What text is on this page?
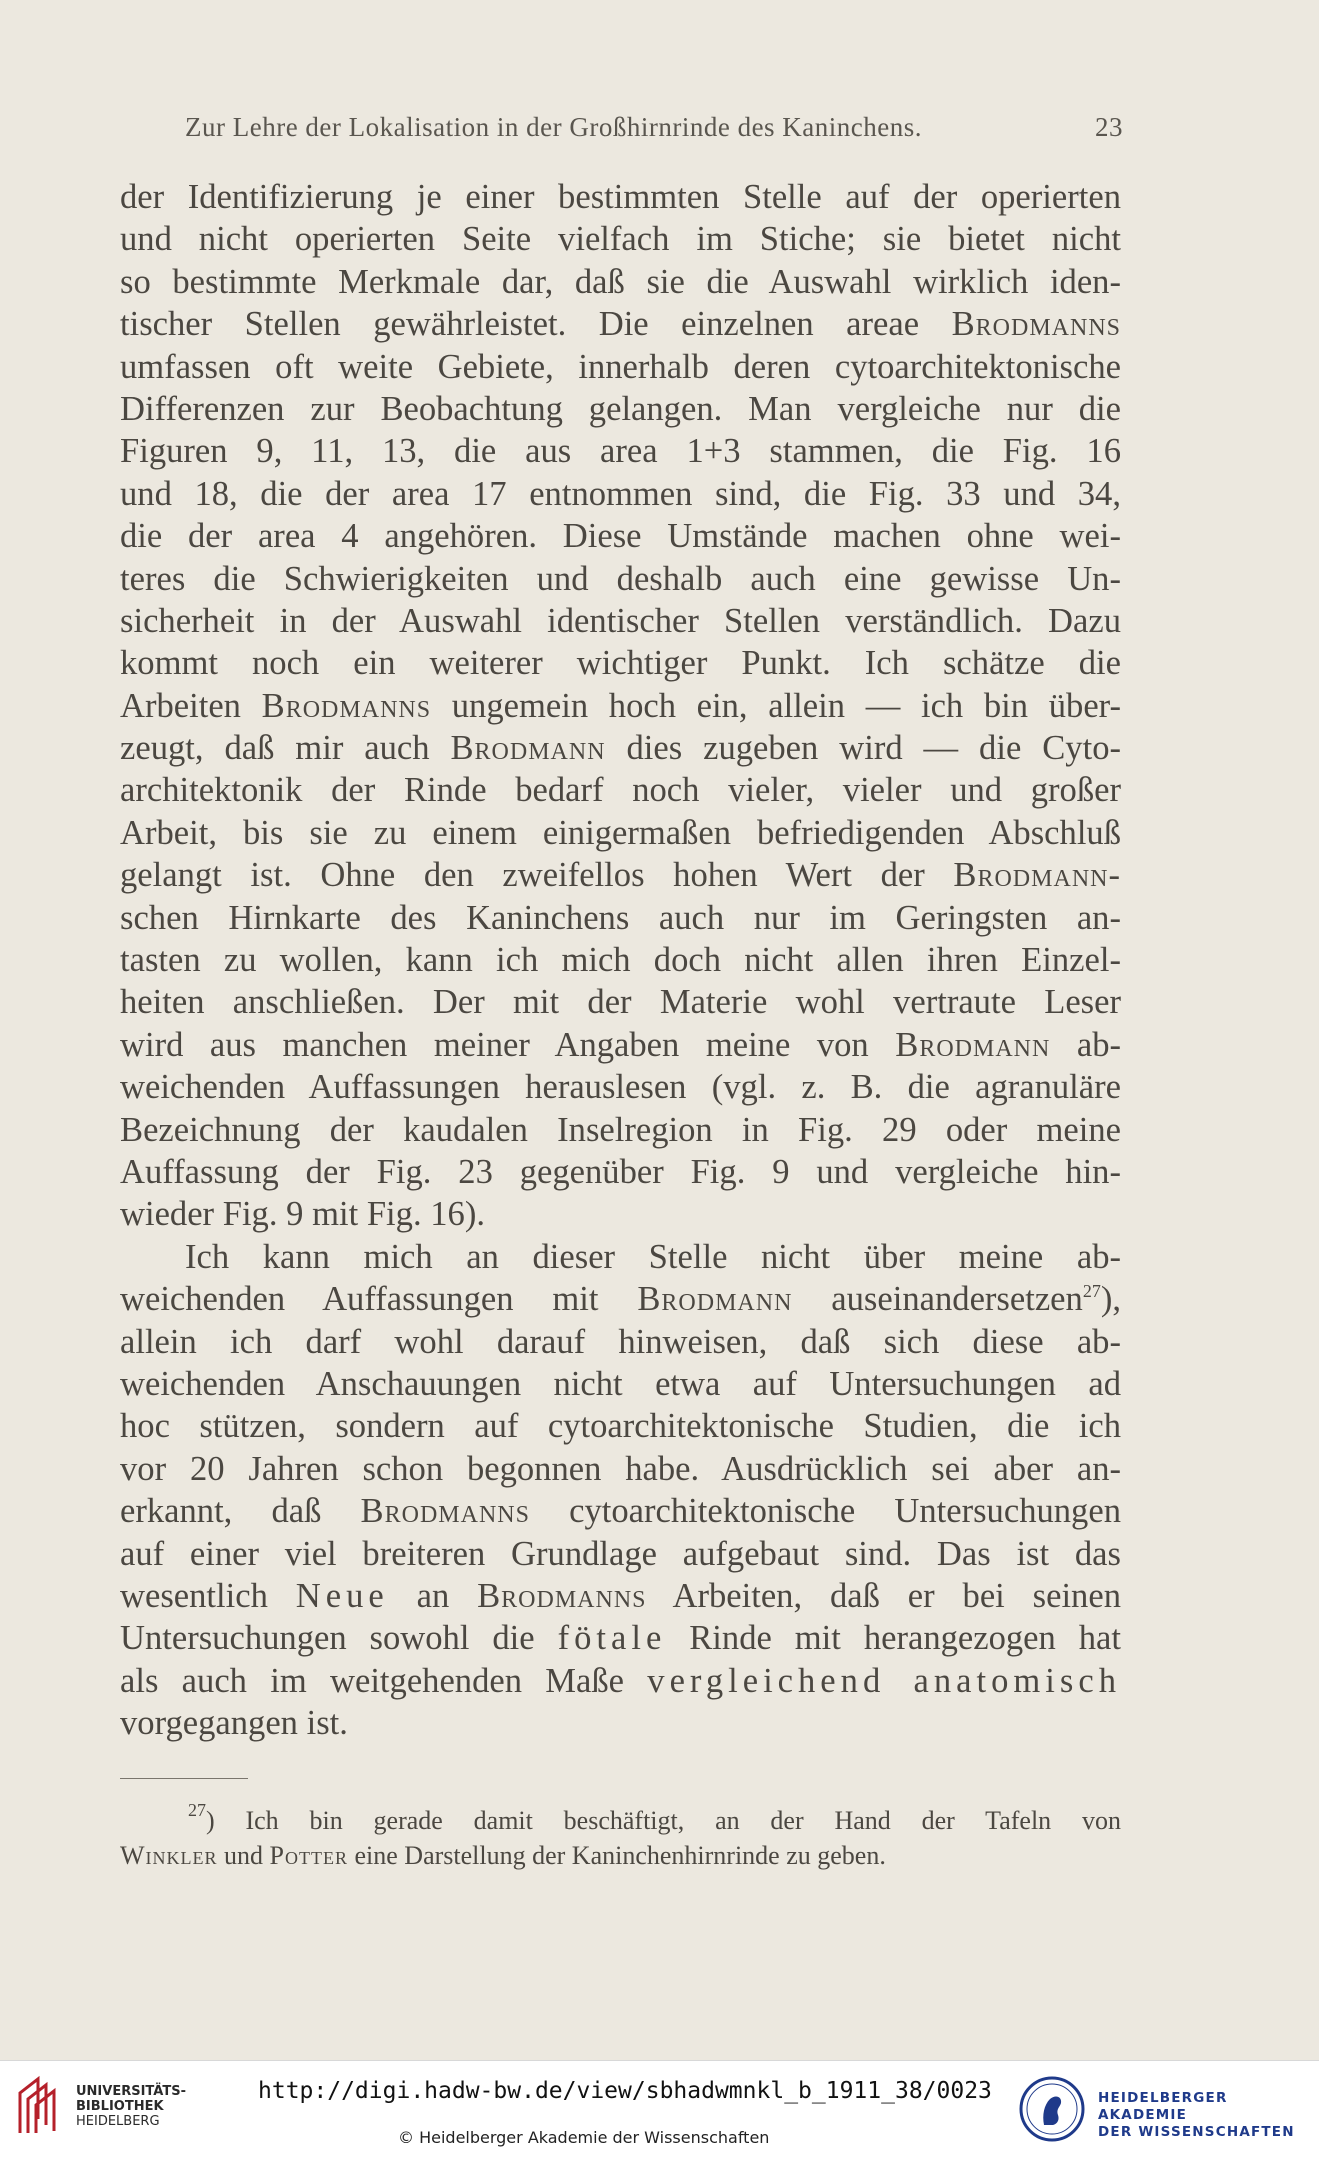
Zur Lehre der Lokalisation in der Großhirnrinde des Kaninchens.	23
der Identifizierung je einer bestimmten Stelle auf der operierten
und nicht operierten Seite vielfach im Stiche; sie bietet nicht
so bestimmte Merkmale dar, daß sie die Auswahl wirklich iden-
tischer Stellen gewährleistet. Die einzelnen areae Brodmanns
umfassen oft weite Gebiete, innerhalb deren cytoarchitektonische
Differenzen zur Beobachtung gelangen. Man vergleiche nur die
Figuren 9, 11, 13, die aus area 1+3 stammen, die Fig. 16
und 18, die der area 17 entnommen sind, die Fig. 33 und 34,
die der area 4 angehören. Diese Umstände machen ohne wei-
teres die Schwierigkeiten und deshalb auch eine gewisse Un-
sicherheit in der Auswahl identischer Stellen verständlich. Dazu
kommt noch ein weiterer wichtiger Punkt. Ich schätze die
Arbeiten Brodmanns ungemein hoch ein, allein — ich bin über-
zeugt, daß mir auch Brodmann dies zugeben wird — die Cyto-
architektonik der Rinde bedarf noch vieler, vieler und großer
Arbeit, bis sie zu einem einigermaßen befriedigenden Abschluß
gelangt ist. Ohne den zweifellos hohen Wert der Brodmann-
schen Hirnkarte des Kaninchens auch nur im Geringsten an-
tasten zu wollen, kann ich mich doch nicht allen ihren Einzel-
heiten anschließen. Der mit der Materie wohl vertraute Leser
wird aus manchen meiner Angaben meine von Brodmann ab-
weichenden Auffassungen herauslesen (vgl. z. B. die agranuläre
Bezeichnung der kaudalen Inselregion in Fig. 29 oder meine
Auffassung der Fig. 23 gegenüber Fig. 9 und vergleiche hin-
wieder Fig. 9 mit Fig. 16).
Ich kann mich an dieser Stelle nicht über meine ab-
weichenden Auffassungen mit Brodmann auseinandersetzen$^{27}$),
allein ich darf wohl darauf hinweisen, daß sich diese ab-
weichenden Anschauungen nicht etwa auf Untersuchungen ad
hoc stützen, sondern auf cytoarchitektonische Studien, die ich
vor 20 Jahren schon begonnen habe. Ausdrücklich sei aber an-
erkannt, daß Brodmanns cytoarchitektonische Untersuchungen
auf einer viel breiteren Grundlage aufgebaut sind. Das ist das
wesentlich Neue an Brodmanns Arbeiten, daß er bei seinen
Untersuchungen sowohl die fötale Rinde mit herangezogen hat
als auch im weitgehenden Maße vergleichend anatomisch
vorgegangen ist.
$^{27}$) Ich bin gerade damit beschäftigt, an der Hand der Tafeln von
Winkler und Potter eine Darstellung der Kaninchenhirnrinde zu geben.
UNIVERSITÄTS-
BIBLIOTHEK
HEIDELBERG
http://digi.hadw-bw.de/view/sbhadwmnkl_b_1911_38/0023
© Heidelberger Akademie der Wissenschaften
HEIDELBERGER AKADEMIE
DER WISSENSCHAFTEN
